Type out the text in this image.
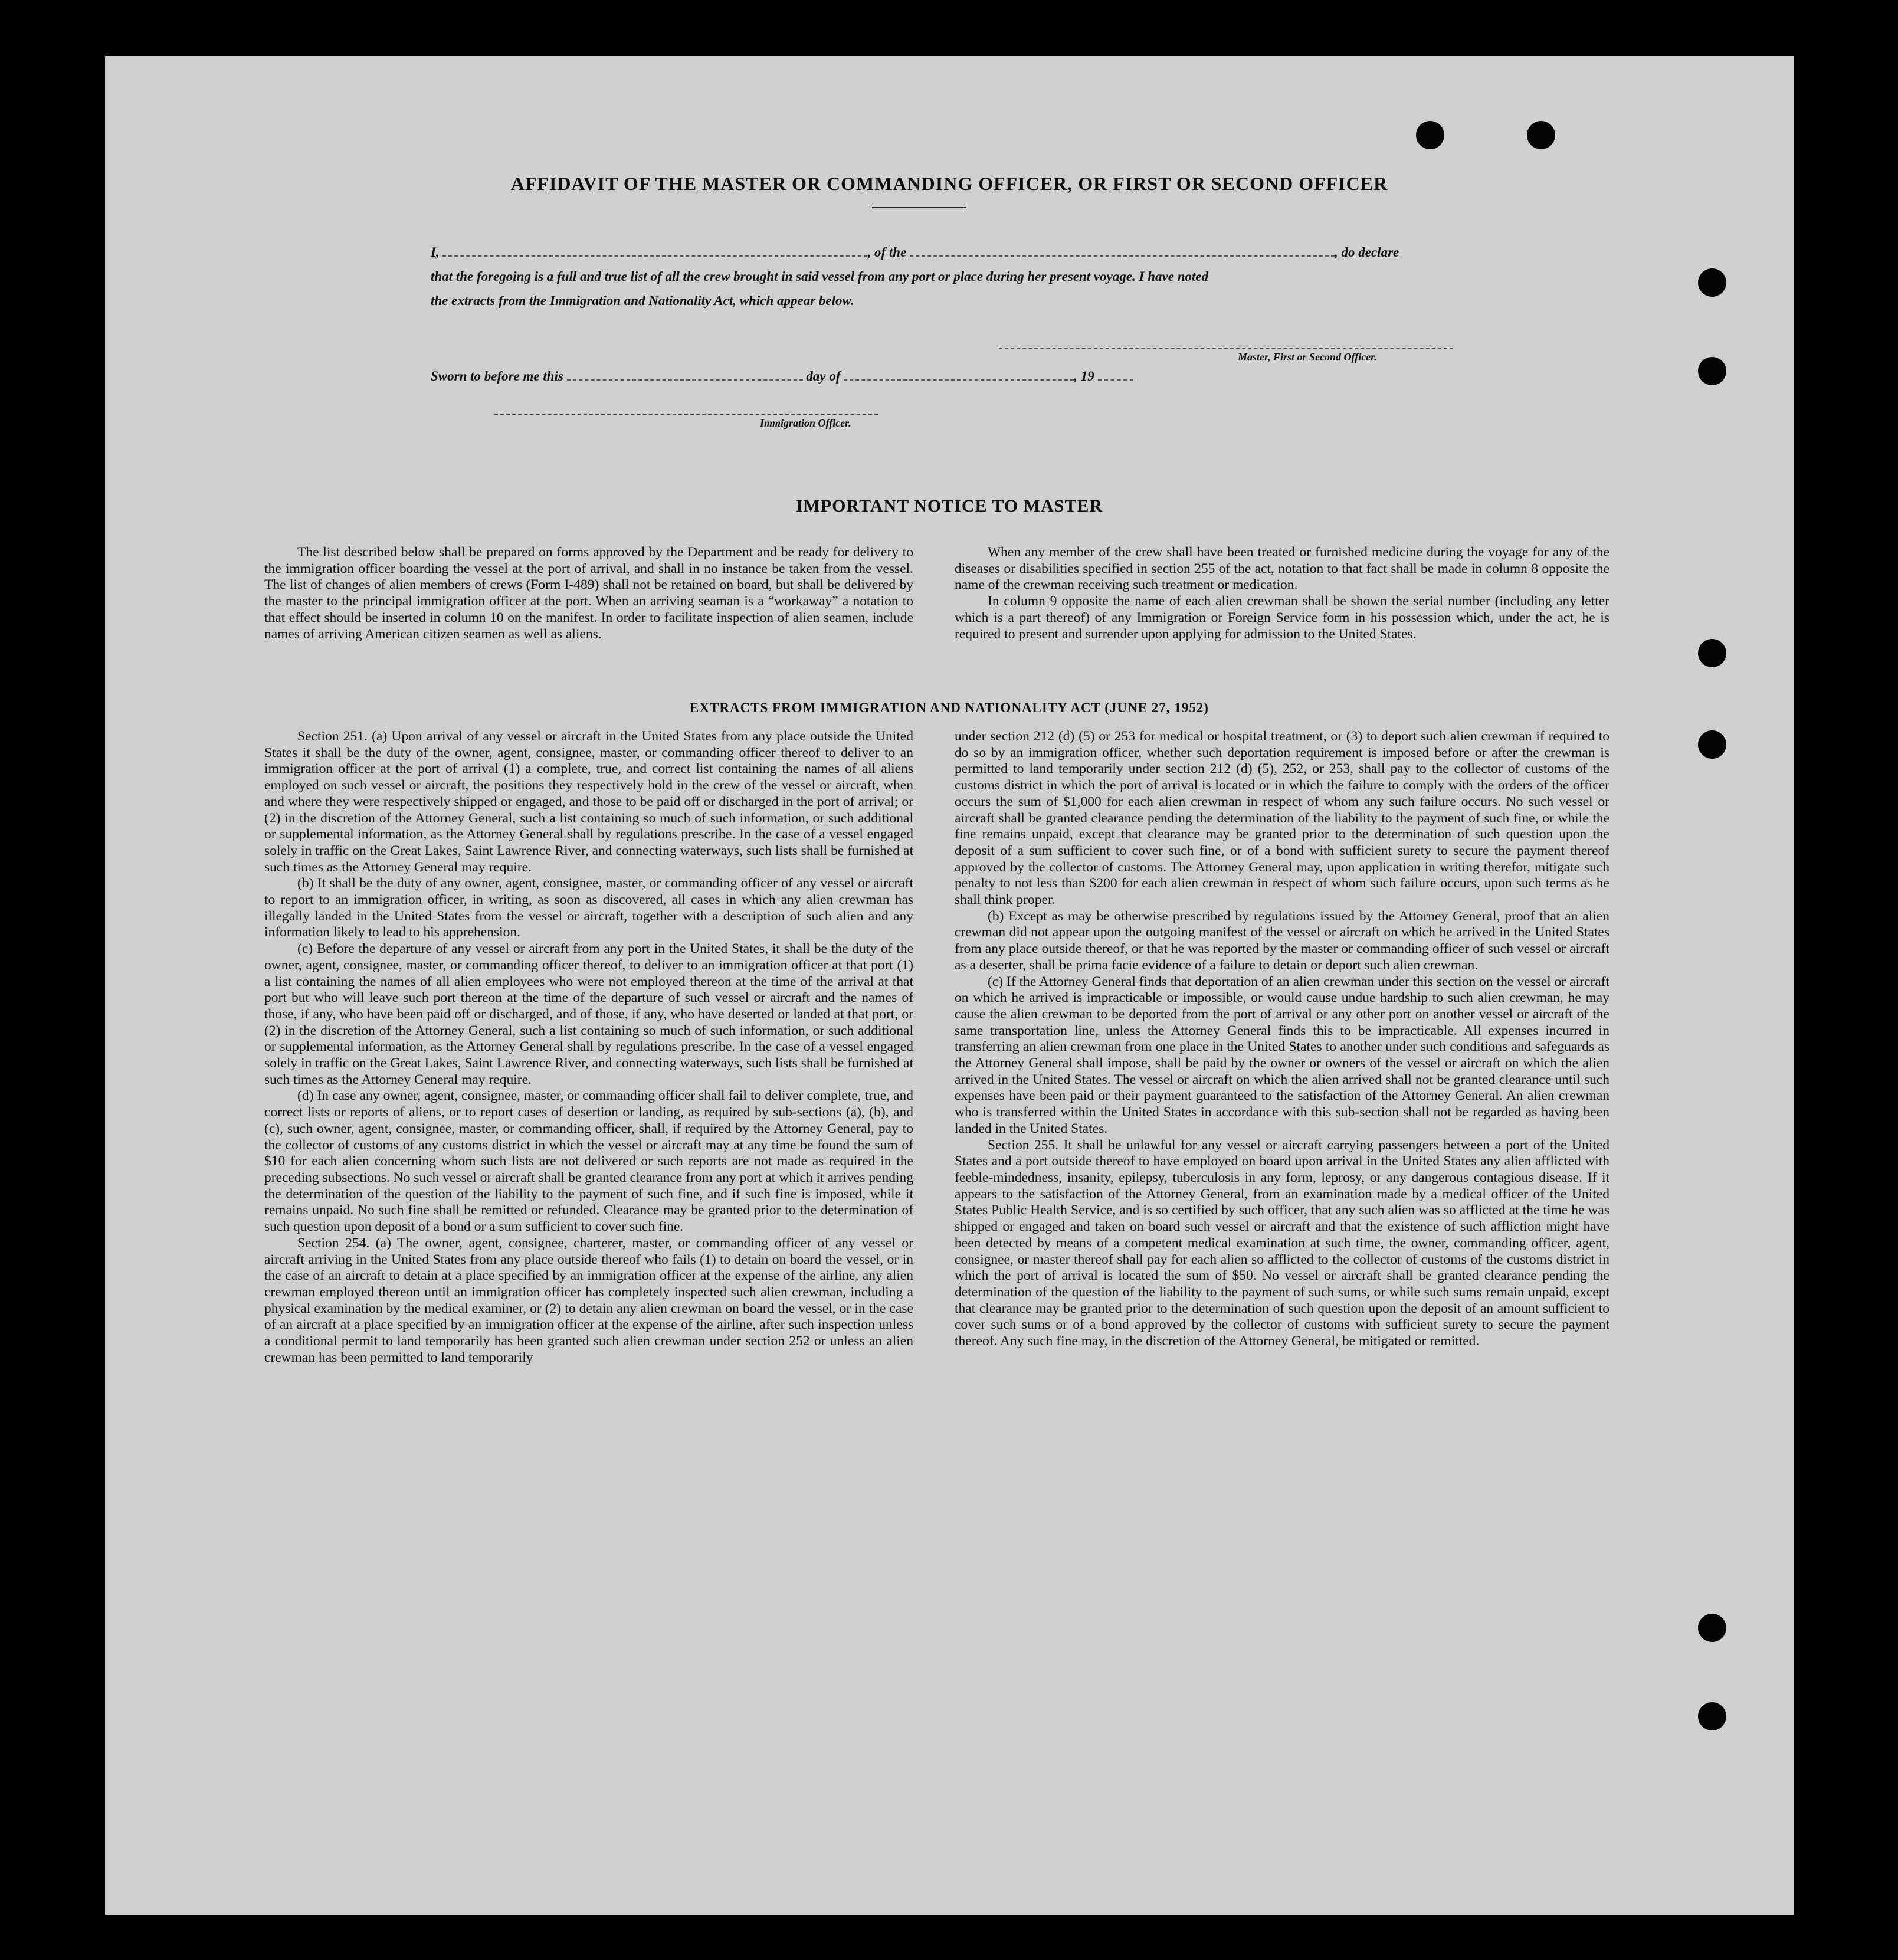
AFFIDAVIT OF THE MASTER OR COMMANDING OFFICER, OR FIRST OR SECOND OFFICER
I,	, of the	, do declare
that the foregoing is a full and true list of all the crew brought in said vessel from any port or place during her present voyage. I have noted
the extracts from the Immigration and Nationality Act, which appear below.
Master, First or Second Officer.
Sworn to before me this	day of	, 19
Immigration Officer.
IMPORTANT NOTICE TO MASTER

The list described below shall be prepared on forms approved by the Department and be ready for delivery to the immigration officer boarding the vessel at the port of arrival, and shall in no instance be taken from the vessel. The list of changes of alien members of crews (Form I-489) shall not be retained on board, but shall be delivered by the master to the principal immigration officer at the port. When an arriving seaman is a “workaway” a notation to that effect should be inserted in column 10 on the manifest. In order to facilitate inspection of alien seamen, include names of arriving American citizen seamen as well as aliens.

When any member of the crew shall have been treated or furnished medicine during the voyage for any of the diseases or disabilities specified in section 255 of the act, notation to that fact shall be made in column 8 opposite the name of the crewman receiving such treatment or medication.

In column 9 opposite the name of each alien crewman shall be shown the serial number (including any letter which is a part thereof) of any Immigration or Foreign Service form in his possession which, under the act, he is required to present and surrender upon applying for admission to the United States.

EXTRACTS FROM IMMIGRATION AND NATIONALITY ACT (JUNE 27, 1952)

Section 251. (a) Upon arrival of any vessel or aircraft in the United States from any place outside the United States it shall be the duty of the owner, agent, consignee, master, or commanding officer thereof to deliver to an immigration officer at the port of arrival (1) a complete, true, and correct list containing the names of all aliens employed on such vessel or aircraft, the positions they respectively hold in the crew of the vessel or aircraft, when and where they were respectively shipped or engaged, and those to be paid off or discharged in the port of arrival; or (2) in the discretion of the Attorney General, such a list containing so much of such information, or such additional or supplemental information, as the Attorney General shall by regulations prescribe. In the case of a vessel engaged solely in traffic on the Great Lakes, Saint Lawrence River, and connecting waterways, such lists shall be furnished at such times as the Attorney General may require.

(b) It shall be the duty of any owner, agent, consignee, master, or commanding officer of any vessel or aircraft to report to an immigration officer, in writing, as soon as discovered, all cases in which any alien crewman has illegally landed in the United States from the vessel or aircraft, together with a description of such alien and any information likely to lead to his apprehension.

(c) Before the departure of any vessel or aircraft from any port in the United States, it shall be the duty of the owner, agent, consignee, master, or commanding officer thereof, to deliver to an immigration officer at that port (1) a list containing the names of all alien employees who were not employed thereon at the time of the arrival at that port but who will leave such port thereon at the time of the departure of such vessel or aircraft and the names of those, if any, who have been paid off or discharged, and of those, if any, who have deserted or landed at that port, or (2) in the discretion of the Attorney General, such a list containing so much of such information, or such additional or supplemental information, as the Attorney General shall by regulations prescribe. In the case of a vessel engaged solely in traffic on the Great Lakes, Saint Lawrence River, and connecting waterways, such lists shall be furnished at such times as the Attorney General may require.

(d) In case any owner, agent, consignee, master, or commanding officer shall fail to deliver complete, true, and correct lists or reports of aliens, or to report cases of desertion or landing, as required by sub-sections (a), (b), and (c), such owner, agent, consignee, master, or commanding officer, shall, if required by the Attorney General, pay to the collector of customs of any customs district in which the vessel or aircraft may at any time be found the sum of $10 for each alien concerning whom such lists are not delivered or such reports are not made as required in the preceding subsections. No such vessel or aircraft shall be granted clearance from any port at which it arrives pending the determination of the question of the liability to the payment of such fine, and if such fine is imposed, while it remains unpaid. No such fine shall be remitted or refunded. Clearance may be granted prior to the determination of such question upon deposit of a bond or a sum sufficient to cover such fine.

Section 254. (a) The owner, agent, consignee, charterer, master, or commanding officer of any vessel or aircraft arriving in the United States from any place outside thereof who fails (1) to detain on board the vessel, or in the case of an aircraft to detain at a place specified by an immigration officer at the expense of the airline, any alien crewman employed thereon until an immigration officer has completely inspected such alien crewman, including a physical examination by the medical examiner, or (2) to detain any alien crewman on board the vessel, or in the case of an aircraft at a place specified by an immigration officer at the expense of the airline, after such inspection unless a conditional permit to land temporarily has been granted such alien crewman under section 252 or unless an alien crewman has been permitted to land temporarily

under section 212 (d) (5) or 253 for medical or hospital treatment, or (3) to deport such alien crewman if required to do so by an immigration officer, whether such deportation requirement is imposed before or after the crewman is permitted to land temporarily under section 212 (d) (5), 252, or 253, shall pay to the collector of customs of the customs district in which the port of arrival is located or in which the failure to comply with the orders of the officer occurs the sum of $1,000 for each alien crewman in respect of whom any such failure occurs. No such vessel or aircraft shall be granted clearance pending the determination of the liability to the payment of such fine, or while the fine remains unpaid, except that clearance may be granted prior to the determination of such question upon the deposit of a sum sufficient to cover such fine, or of a bond with sufficient surety to secure the payment thereof approved by the collector of customs. The Attorney General may, upon application in writing therefor, mitigate such penalty to not less than $200 for each alien crewman in respect of whom such failure occurs, upon such terms as he shall think proper.

(b) Except as may be otherwise prescribed by regulations issued by the Attorney General, proof that an alien crewman did not appear upon the outgoing manifest of the vessel or aircraft on which he arrived in the United States from any place outside thereof, or that he was reported by the master or commanding officer of such vessel or aircraft as a deserter, shall be prima facie evidence of a failure to detain or deport such alien crewman.

(c) If the Attorney General finds that deportation of an alien crewman under this section on the vessel or aircraft on which he arrived is impracticable or impossible, or would cause undue hardship to such alien crewman, he may cause the alien crewman to be deported from the port of arrival or any other port on another vessel or aircraft of the same transportation line, unless the Attorney General finds this to be impracticable. All expenses incurred in transferring an alien crewman from one place in the United States to another under such conditions and safeguards as the Attorney General shall impose, shall be paid by the owner or owners of the vessel or aircraft on which the alien arrived in the United States. The vessel or aircraft on which the alien arrived shall not be granted clearance until such expenses have been paid or their payment guaranteed to the satisfaction of the Attorney General. An alien crewman who is transferred within the United States in accordance with this sub-section shall not be regarded as having been landed in the United States.

Section 255. It shall be unlawful for any vessel or aircraft carrying passengers between a port of the United States and a port outside thereof to have employed on board upon arrival in the United States any alien afflicted with feeble-mindedness, insanity, epilepsy, tuberculosis in any form, leprosy, or any dangerous contagious disease. If it appears to the satisfaction of the Attorney General, from an examination made by a medical officer of the United States Public Health Service, and is so certified by such officer, that any such alien was so afflicted at the time he was shipped or engaged and taken on board such vessel or aircraft and that the existence of such affliction might have been detected by means of a competent medical examination at such time, the owner, commanding officer, agent, consignee, or master thereof shall pay for each alien so afflicted to the collector of customs of the customs district in which the port of arrival is located the sum of $50. No vessel or aircraft shall be granted clearance pending the determination of the question of the liability to the payment of such sums, or while such sums remain unpaid, except that clearance may be granted prior to the determination of such question upon the deposit of an amount sufficient to cover such sums or of a bond approved by the collector of customs with sufficient surety to secure the payment thereof. Any such fine may, in the discretion of the Attorney General, be mitigated or remitted.
